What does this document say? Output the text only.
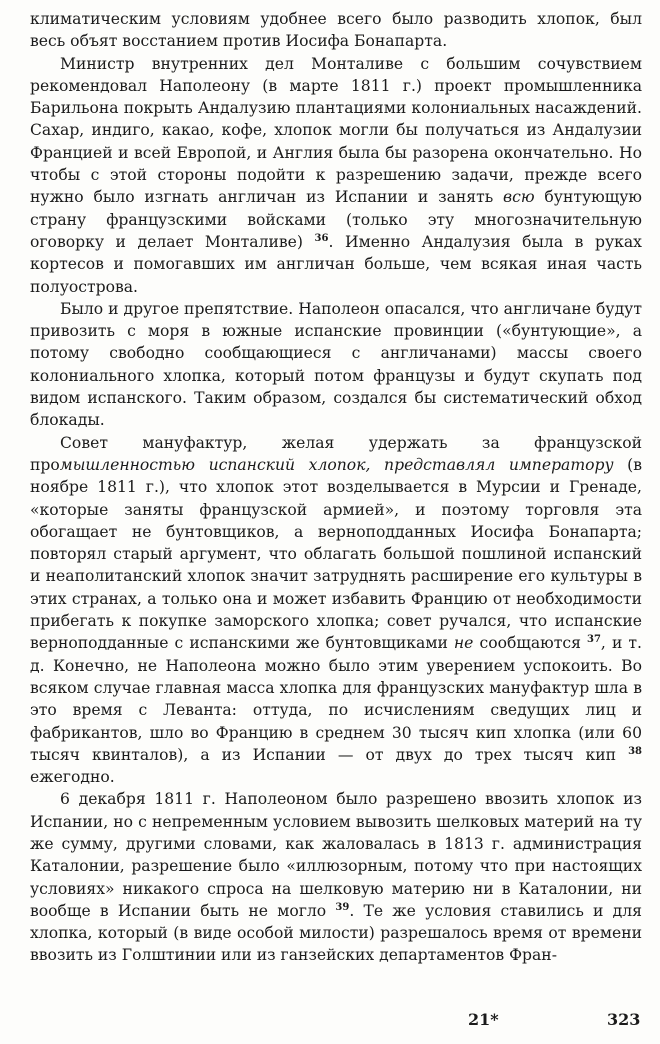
климатическим условиям удобнее всего было разводить хлопок, был весь объят восстанием против Иосифа Бонапарта.

Министр внутренних дел Монталиве с большим сочувствием рекомендовал Наполеону (в марте 1811 г.) проект промышленника Барильона покрыть Андалузию плантациями колониальных насаждений. Сахар, индиго, какао, кофе, хлопок могли бы получаться из Андалузии Францией и всей Европой, и Англия была бы разорена окончательно. Но чтобы с этой стороны подойти к разрешению задачи, прежде всего нужно было изгнать англичан из Испании и занять всю бунтующую страну французскими войсками (только эту многозначительную оговорку и делает Монталиве) $^{36}$. Именно Андалузия была в руках кортесов и помогавших им англичан больше, чем всякая иная часть полуострова.

Было и другое препятствие. Наполеон опасался, что англичане будут привозить с моря в южные испанские провинции («бунтующие», а потому свободно сообщающиеся с англичанами) массы своего колониального хлопка, который потом французы и будут скупать под видом испанского. Таким образом, создался бы систематический обход блокады.

Совет мануфактур, желая удержать за французской промышленностью испанский хлопок, представлял императору (в ноябре 1811 г.), что хлопок этот возделывается в Мурсии и Гренаде, «которые заняты французской армией», и поэтому торговля эта обогащает не бунтовщиков, а верноподданных Иосифа Бонапарта; повторял старый аргумент, что облагать большой пошлиной испанский и неаполитанский хлопок значит затруднять расширение его культуры в этих странах, а только она и может избавить Францию от необходимости прибегать к покупке заморского хлопка; совет ручался, что испанские верноподданные с испанскими же бунтовщиками не сообщаются $^{37}$, и т. д. Конечно, не Наполеона можно было этим уверением успокоить. Во всяком случае главная масса хлопка для французских мануфактур шла в это время с Леванта: оттуда, по исчислениям сведущих лиц и фабрикантов, шло во Францию в среднем 30 тысяч кип хлопка (или 60 тысяч квинталов), а из Испании — от двух до трех тысяч кип $^{38}$ ежегодно.

6 декабря 1811 г. Наполеоном было разрешено ввозить хлопок из Испании, но с непременным условием вывозить шелковых материй на ту же сумму, другими словами, как жаловалась в 1813 г. администрация Каталонии, разрешение было «иллюзорным, потому что при настоящих условиях» никакого спроса на шелковую материю ни в Каталонии, ни вообще в Испании быть не могло $^{39}$. Те же условия ставились и для хлопка, который (в виде особой милости) разрешалось время от времени ввозить из Голштинии или из ганзейских департаментов Фран-

21*	323
